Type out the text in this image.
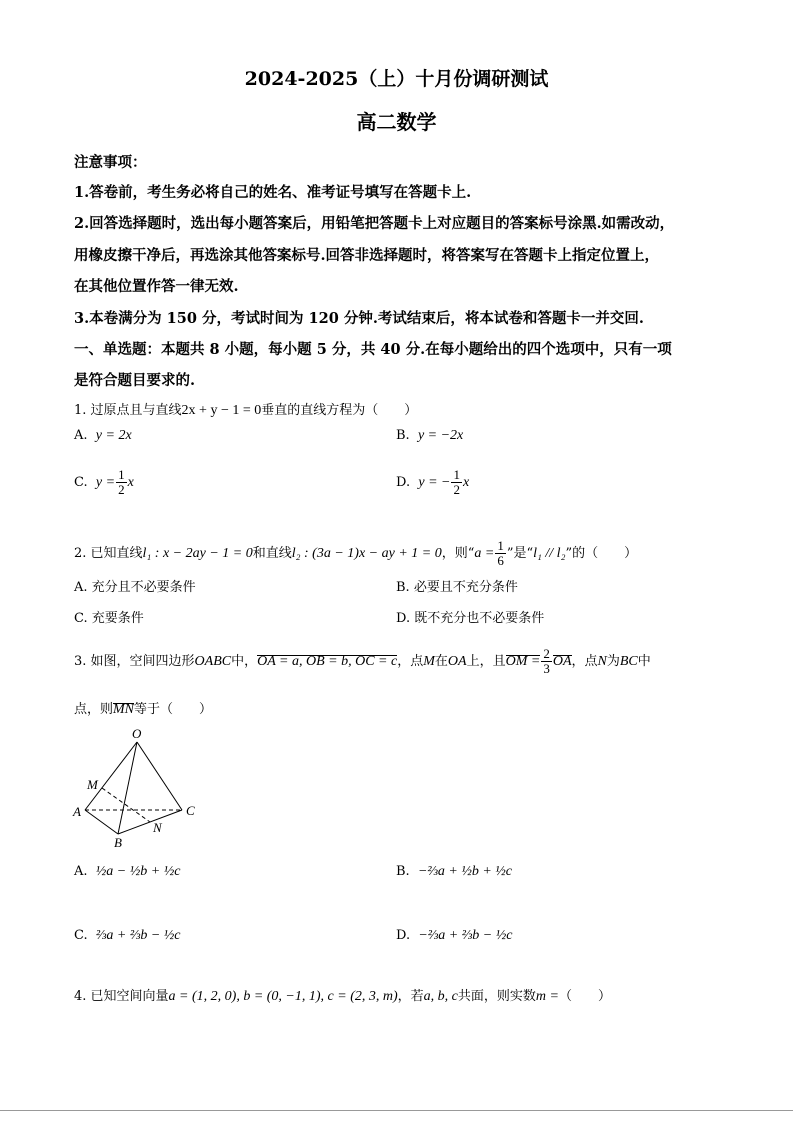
2024-2025（上）十月份调研测试
高二数学
注意事项：
1.答卷前，考生务必将自己的姓名、准考证号填写在答题卡上.
2.回答选择题时，选出每小题答案后，用铅笔把答题卡上对应题目的答案标号涂黑.如需改动，
用橡皮擦干净后，再选涂其他答案标号.回答非选择题时，将答案写在答题卡上指定位置上，
在其他位置作答一律无效.
3.本卷满分为 150 分，考试时间为 120 分钟.考试结束后，将本试卷和答题卡一并交回.
一、单选题：本题共 8 小题，每小题 5 分，共 40 分.在每小题给出的四个选项中，只有一项
是符合题目要求的.
1. 过原点且与直线2x + y − 1 = 0垂直的直线方程为（　　）
A. y = 2x	B. y = −2x
C. $y = \frac{1}{2}$ x	D. y = − $\frac{1}{2}$ x
2. 已知直线l₁ : x − 2ay − 1 = 0和直线l₂ : (3a − 1)x − ay + 1 = 0，则“$a = \frac{1}{6}$ ”是“l₁ // l₂”的（　　）
A. 充分且不必要条件	B. 必要且不充分条件
C. 充要条件	D. 既不充分也不必要条件
3. 如图，空间四边形OABC中，OA = a, OB = b, OC = c，点M在OA上，且OM = $\frac{2}{3}$ OA，点N为BC中
点，则MN等于（　　）
O
M
A	C
N
B
A. ½a − ½b + ½c	B. −⅔a + ½b + ½c
C. ⅔a + ⅔b − ½c	D. −⅔a + ⅔b − ½c
4. 已知空间向量a = (1, 2, 0), b = (0, −1, 1), c = (2, 3, m)，若a, b, c共面，则实数m =（　　）
